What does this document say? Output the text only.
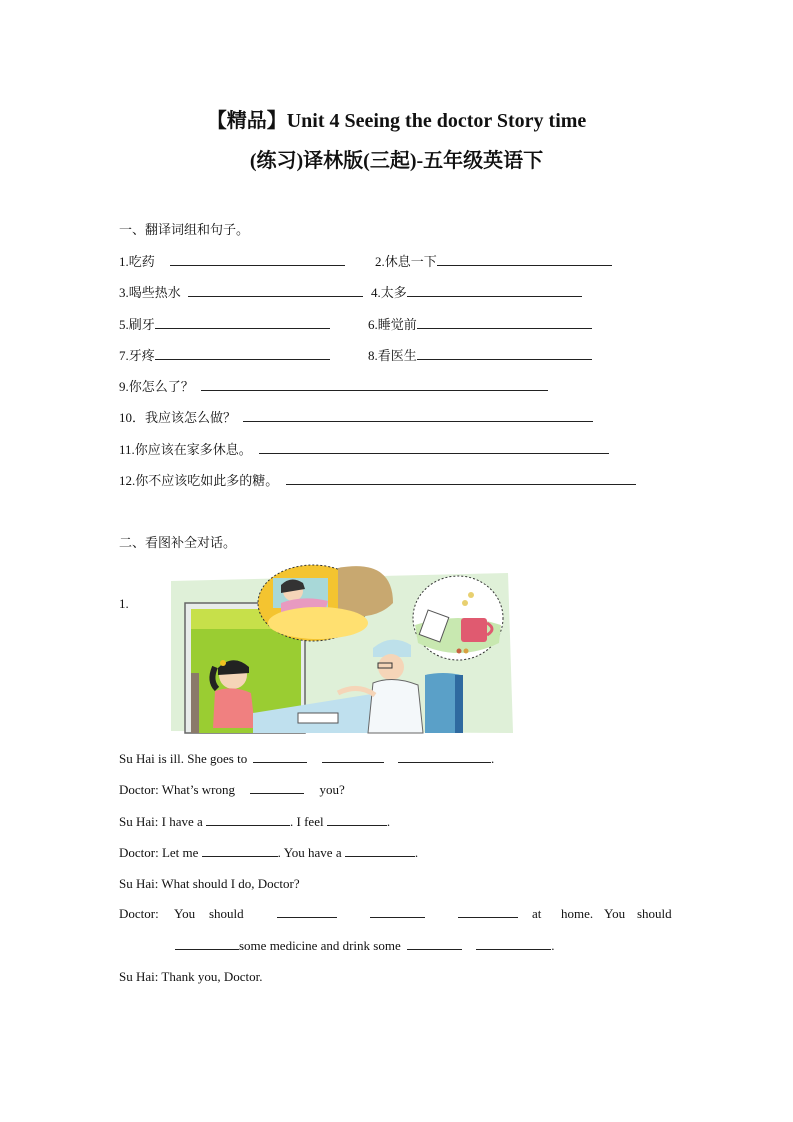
【精品】Unit 4 Seeing the doctor Story time
(练习)译林版(三起)-五年级英语下
一、翻译词组和句子。
1.吃药	2.休息一下
3.喝些热水	4.太多
5.刷牙	6.睡觉前
7.牙疼	8.看医生
9.你怎么了？
10．我应该怎么做？
11.你应该在家多休息。
12.你不应该吃如此多的糖。
二、看图补全对话。
1.
Su Hai is ill. She goes to	.
Doctor: What’s wrong	you?
Su Hai: I have a	. I feel	.
Doctor: Let me	. You have a	.
Su Hai: What should I do, Doctor?
Doctor: You should	at home. You should
some medicine and drink some	.
Su Hai: Thank you, Doctor.
